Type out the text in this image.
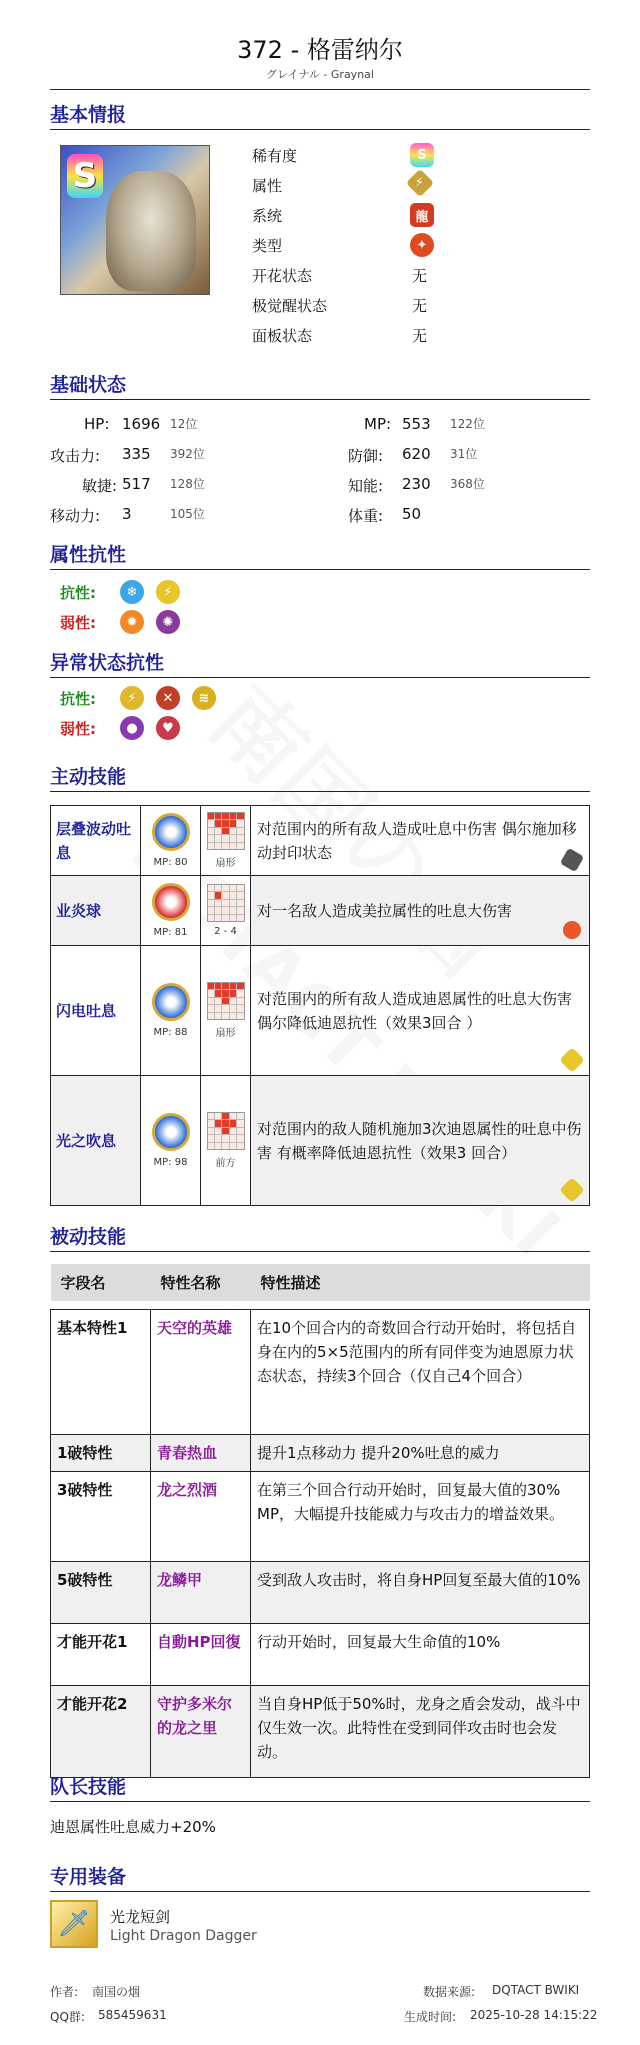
372 - 格雷纳尔
グレイナル - Graynal
基本情报
S	稀有度	S
属性	⚡
系统	龍
类型	✦
开花状态	无
极觉醒状态	无
面板状态	无
基础状态
HP: 1696 12位	MP: 553 122位
攻击力: 335 392位	防御: 620 31位
敏捷: 517 128位	知能: 230 368位
移动力: 3	105位	体重: 50
属性抗性
抗性:	❄	⚡
弱性:	✹	✺
异常状态抗性
抗性:	⚡	✕	≋
弱性:	●	♥
主动技能
层叠波动吐息	MP: 80	扇形	对范围内的所有敌人造成吐息中伤害 偶尔施加移动封印状态

业炎球	MP: 81	2 - 4	对一名敌人造成美拉属性的吐息大伤害

闪电吐息	MP: 88	扇形	对范围内的所有敌人造成迪恩属性的吐息大伤害 偶尔降低迪恩抗性（效果3回合 ）

光之吹息	MP: 98	前方	对范围内的敌人随机施加3次迪恩属性的吐息中伤害 有概率降低迪恩抗性（效果3 回合）
被动技能
字段名	特性名称	特性描述

基本特性1	天空的英雄	在10个回合内的奇数回合行动开始时，将包括自身在内的5×5范围内的所有同伴变为迪恩原力状态状态，持续3个回合（仅自己4个回合）
1破特性	青春热血	提升1点移动力 提升20%吐息的威力
3破特性	龙之烈酒	在第三个回合行动开始时，回复最大值的30% MP，大幅提升技能威力与攻击力的增益效果。
5破特性	龙鳞甲	受到敌人攻击时，将自身HP回复至最大值的10%
才能开花1	自動HP回復	行动开始时，回复最大生命值的10%
才能开花2	守护多米尔的龙之里	当自身HP低于50%时，龙身之盾会发动，战斗中仅生效一次。此特性在受到同伴攻击时也会发动。
队长技能
迪恩属性吐息威力+20%
专用装备
🗡	光龙短剑
Light Dragon Dagger
作者: 南国の烟
QQ群: 585459631
数据来源: DQTACT BWIKI
生成时间: 2025-10-28 14:15:22
